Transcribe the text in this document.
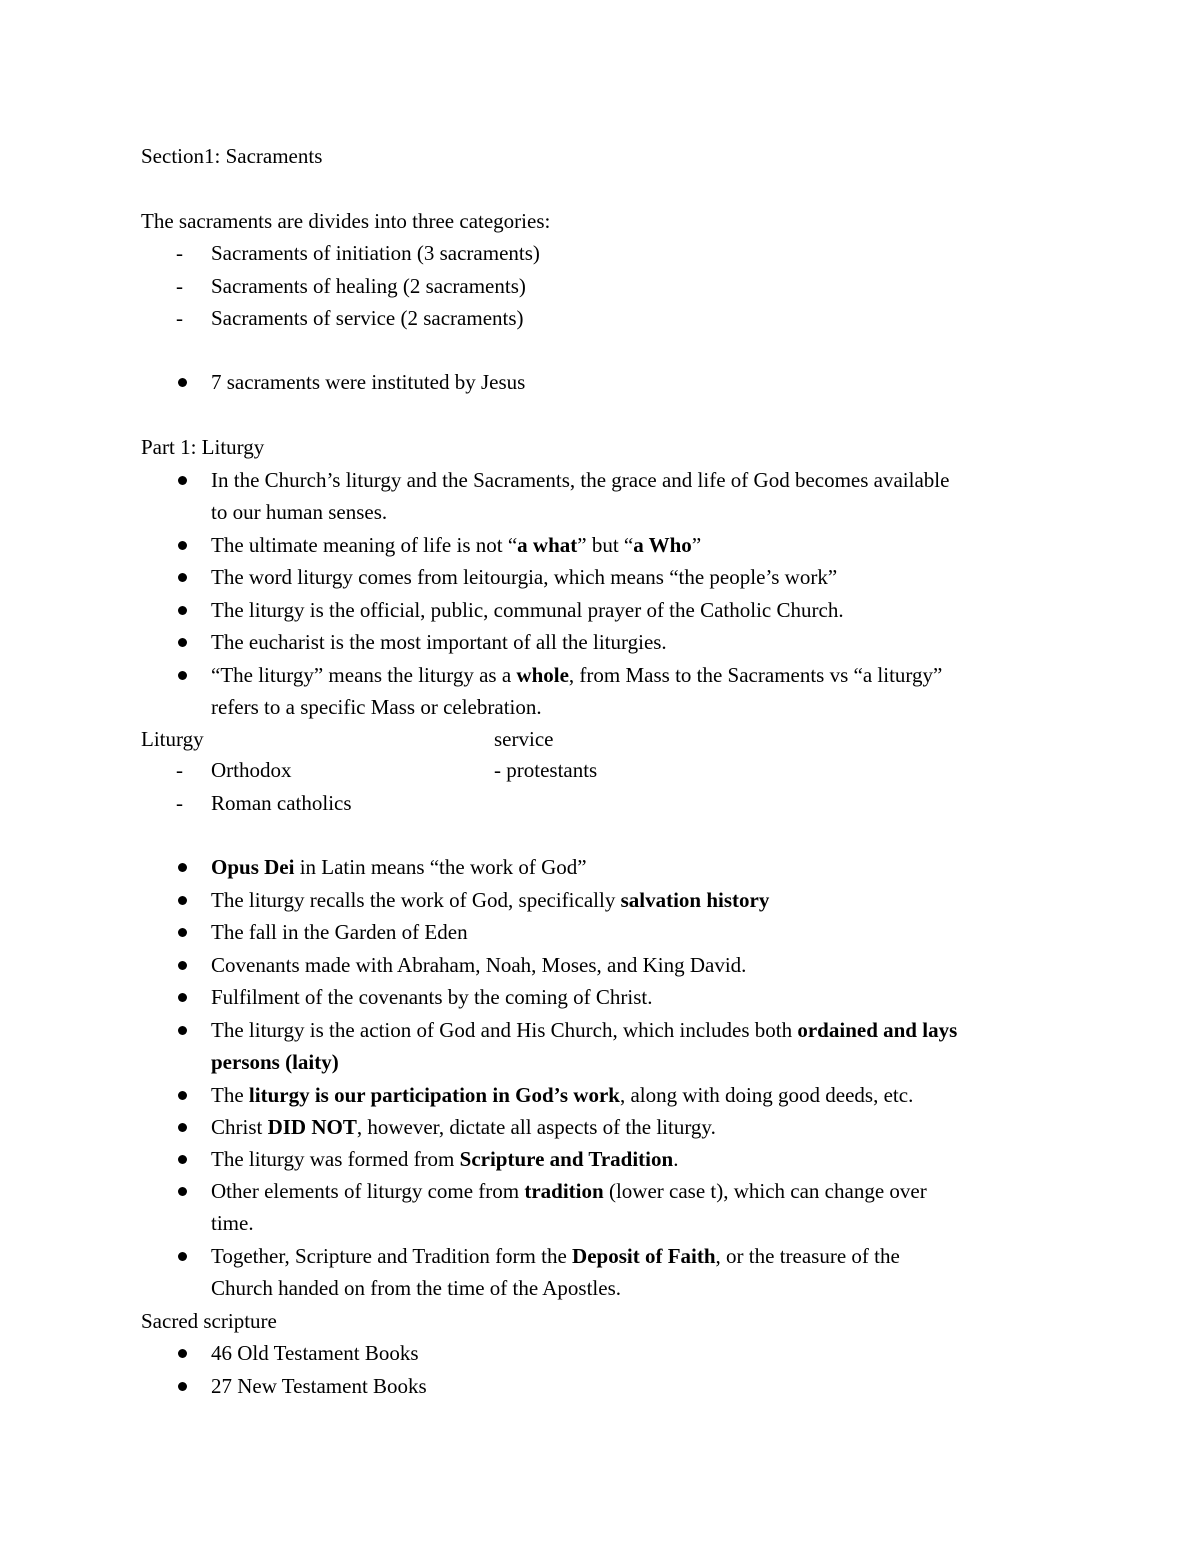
Section1: Sacraments
The sacraments are divides into three categories:
- Sacraments of initiation (3 sacraments)
- Sacraments of healing (2 sacraments)
- Sacraments of service (2 sacraments)
7 sacraments were instituted by Jesus
Part 1: Liturgy
In the Church’s liturgy and the Sacraments, the grace and life of God becomes available
to our human senses.
The ultimate meaning of life is not “a what” but “a Who”
The word liturgy comes from leitourgia, which means “the people’s work”
The liturgy is the official, public, communal prayer of the Catholic Church.
The eucharist is the most important of all the liturgies.
“The liturgy” means the liturgy as a whole, from Mass to the Sacraments vs “a liturgy”
refers to a specific Mass or celebration.
Liturgy	service
- Orthodox	- protestants
- Roman catholics
Opus Dei in Latin means “the work of God”
The liturgy recalls the work of God, specifically salvation history
The fall in the Garden of Eden
Covenants made with Abraham, Noah, Moses, and King David.
Fulfilment of the covenants by the coming of Christ.
The liturgy is the action of God and His Church, which includes both ordained and lays
persons (laity)
The liturgy is our participation in God’s work, along with doing good deeds, etc.
Christ DID NOT, however, dictate all aspects of the liturgy.
The liturgy was formed from Scripture and Tradition.
Other elements of liturgy come from tradition (lower case t), which can change over
time.
Together, Scripture and Tradition form the Deposit of Faith, or the treasure of the
Church handed on from the time of the Apostles.
Sacred scripture
46 Old Testament Books
27 New Testament Books
